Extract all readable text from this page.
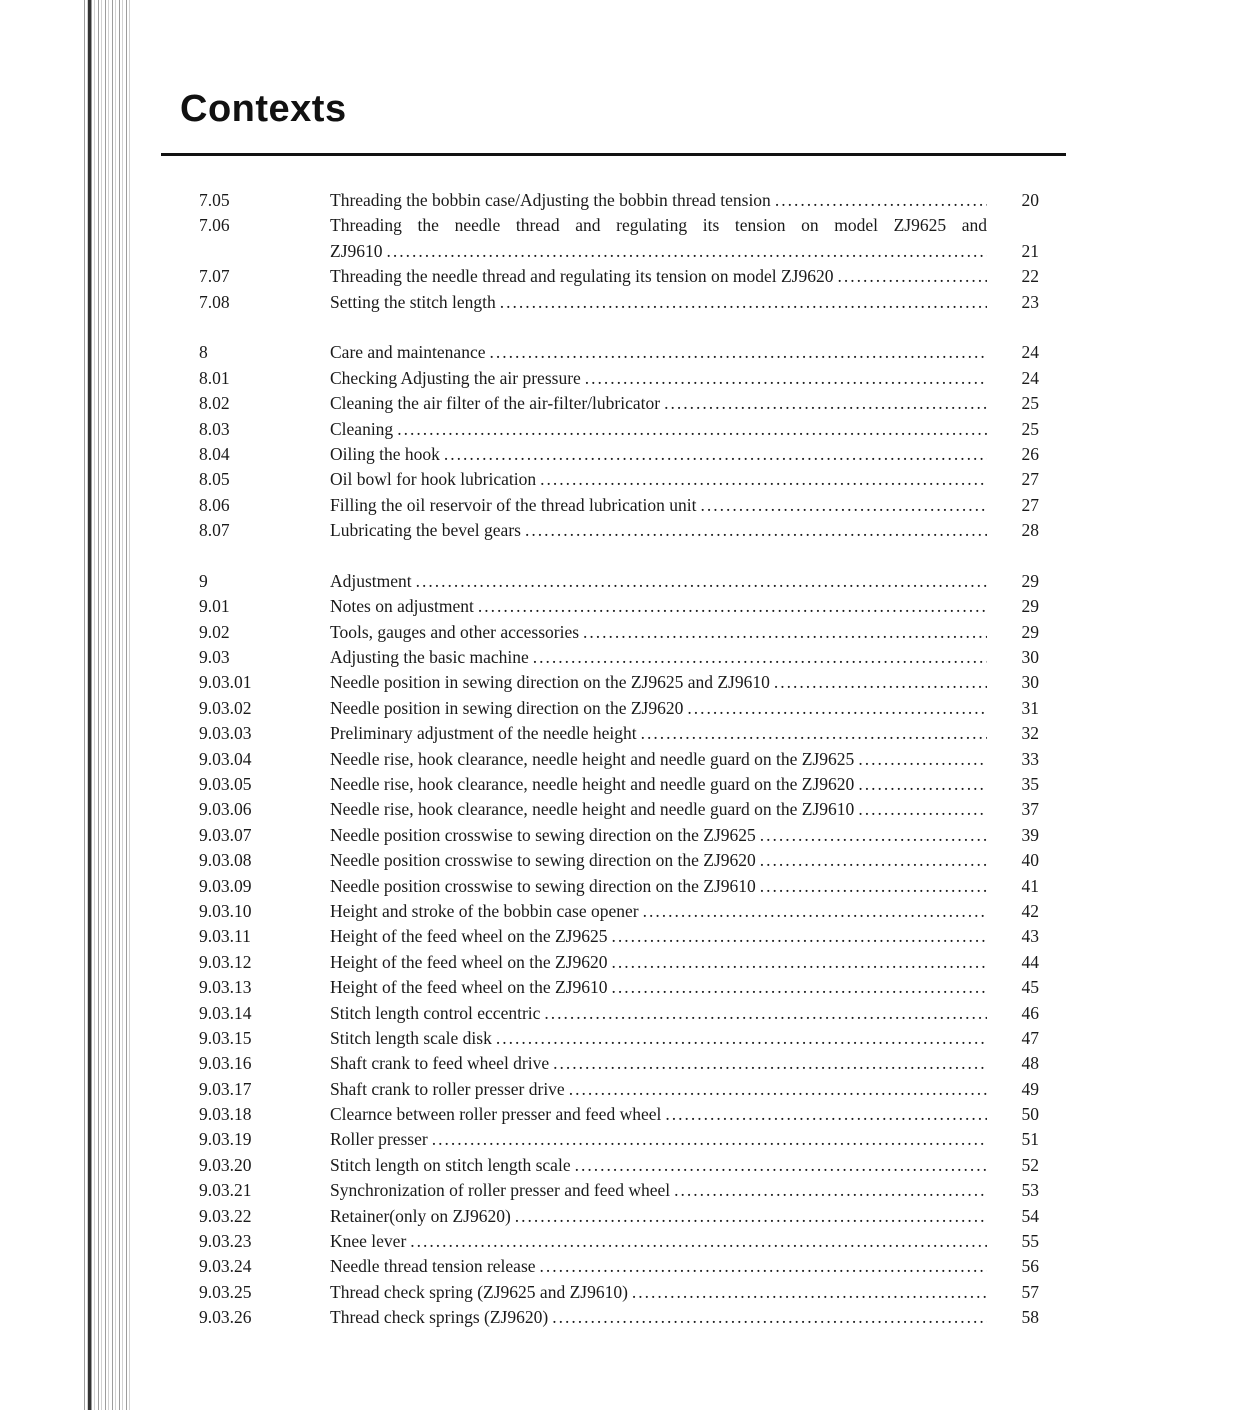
Contexts
7.05	Threading the bobbin case/Adjusting the bobbin thread tension .....	20
7.06	Threading the needle thread and regulating its tension on model ZJ9625 and
ZJ9610 .....	21
7.07	Threading the needle thread and regulating its tension on model ZJ9620 .....	22
7.08	Setting the stitch length .....	23
8	Care and maintenance .....	24
8.01	Checking Adjusting the air pressure .....	24
8.02	Cleaning the air filter of the air-filter/lubricator .....	25
8.03	Cleaning .....	25
8.04	Oiling the hook .....	26
8.05	Oil bowl for hook lubrication .....	27
8.06	Filling the oil reservoir of the thread lubrication unit .....	27
8.07	Lubricating the bevel gears .....	28
9	Adjustment .....	29
9.01	Notes on adjustment .....	29
9.02	Tools, gauges and other accessories .....	29
9.03	Adjusting the basic machine .....	30
9.03.01	Needle position in sewing direction on the ZJ9625 and ZJ9610 .....	30
9.03.02	Needle position in sewing direction on the ZJ9620 .....	31
9.03.03	Preliminary adjustment of the needle height .....	32
9.03.04	Needle rise, hook clearance, needle height and needle guard on the ZJ9625 .....	33
9.03.05	Needle rise, hook clearance, needle height and needle guard on the ZJ9620 .....	35
9.03.06	Needle rise, hook clearance, needle height and needle guard on the ZJ9610 .....	37
9.03.07	Needle position crosswise to sewing direction on the ZJ9625 .....	39
9.03.08	Needle position crosswise to sewing direction on the ZJ9620 .....	40
9.03.09	Needle position crosswise to sewing direction on the ZJ9610 .....	41
9.03.10	Height and stroke of the bobbin case opener .....	42
9.03.11	Height of the feed wheel on the ZJ9625 .....	43
9.03.12	Height of the feed wheel on the ZJ9620 .....	44
9.03.13	Height of the feed wheel on the ZJ9610 .....	45
9.03.14	Stitch length control eccentric .....	46
9.03.15	Stitch length scale disk .....	47
9.03.16	Shaft crank to feed wheel drive .....	48
9.03.17	Shaft crank to roller presser drive .....	49
9.03.18	Clearnce between roller presser and feed wheel .....	50
9.03.19	Roller presser .....	51
9.03.20	Stitch length on stitch length scale .....	52
9.03.21	Synchronization of roller presser and feed wheel .....	53
9.03.22	Retainer(only on ZJ9620) .....	54
9.03.23	Knee lever .....	55
9.03.24	Needle thread tension release .....	56
9.03.25	Thread check spring (ZJ9625 and ZJ9610) .....	57
9.03.26	Thread check springs (ZJ9620) .....	58
